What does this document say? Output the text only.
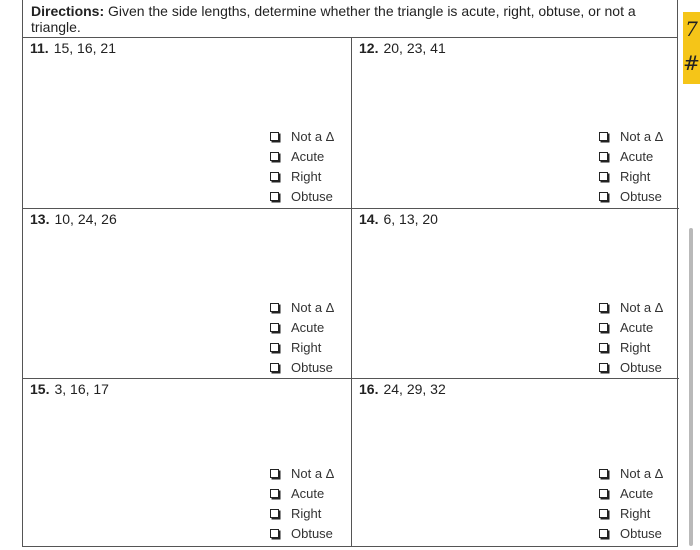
Directions: Given the side lengths, determine whether the triangle is acute, right, obtuse, or not a triangle.
11. 15, 16, 21
Not a Δ
Acute
Right
Obtuse
12. 20, 23, 41
Not a Δ
Acute
Right
Obtuse
13. 10, 24, 26
Not a Δ
Acute
Right
Obtuse
14. 6, 13, 20
Not a Δ
Acute
Right
Obtuse
15. 3, 16, 17
Not a Δ
Acute
Right
Obtuse
16. 24, 29, 32
Not a Δ
Acute
Right
Obtuse
7
#
